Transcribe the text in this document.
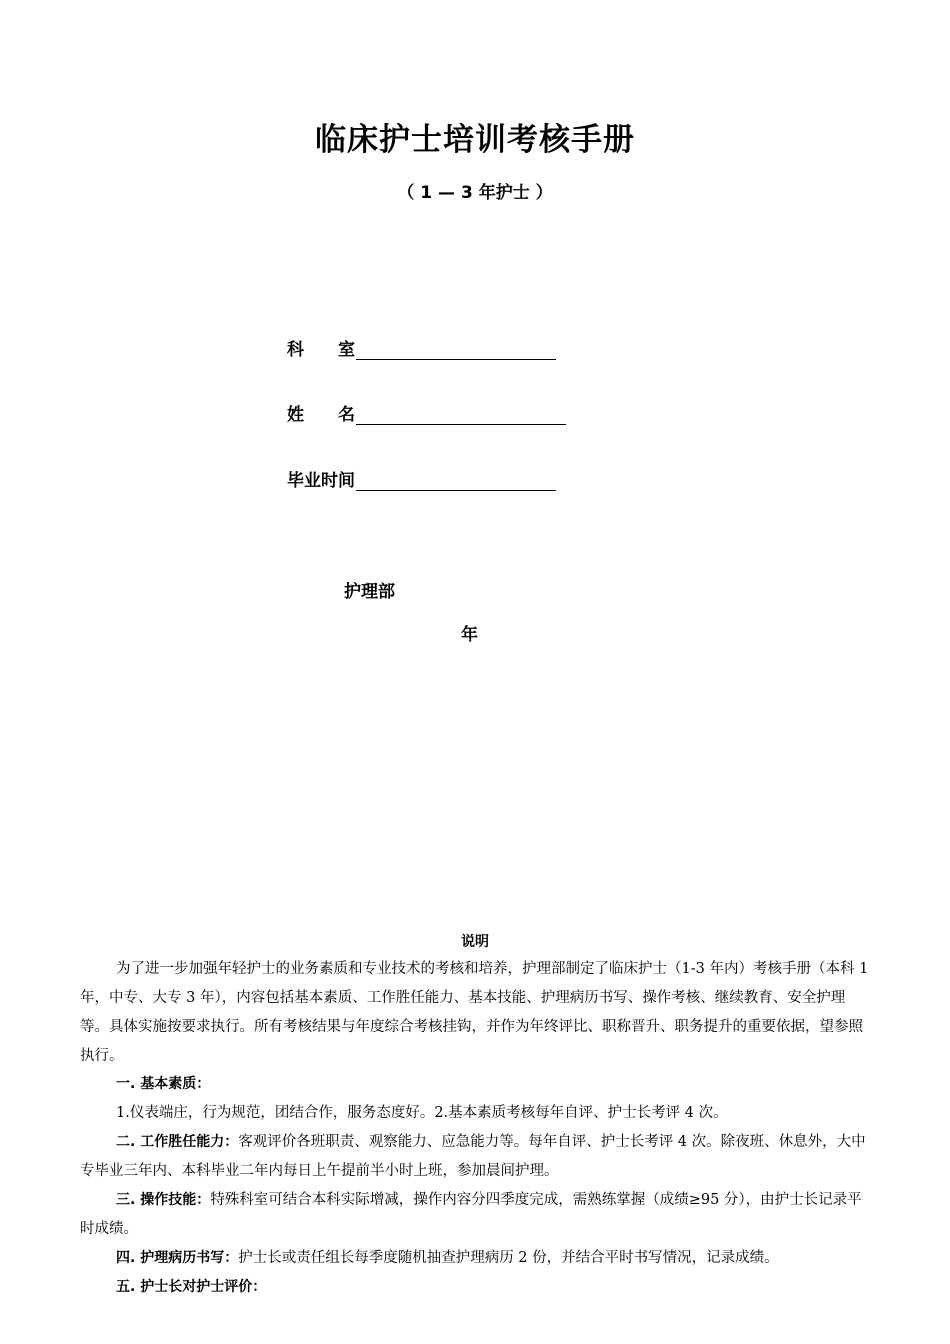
临床护士培训考核手册
（ 1 — 3 年护士 ）
科　　室
姓　　名
毕业时间
护理部
年
说明
为了进一步加强年轻护士的业务素质和专业技术的考核和培养，护理部制定了临床护士（1-3 年内）考核手册（本科 1 年，中专、大专 3 年），内容包括基本素质、工作胜任能力、基本技能、护理病历书写、操作考核、继续教育、安全护理等。具体实施按要求执行。所有考核结果与年度综合考核挂钩，并作为年终评比、职称晋升、职务提升的重要依据，望参照执行。
一. 基本素质：
1.仪表端庄，行为规范，团结合作，服务态度好。2.基本素质考核每年自评、护士长考评 4 次。
二. 工作胜任能力：客观评价各班职责、观察能力、应急能力等。每年自评、护士长考评 4 次。除夜班、休息外，大中专毕业三年内、本科毕业二年内每日上午提前半小时上班，参加晨间护理。
三. 操作技能：特殊科室可结合本科实际增减，操作内容分四季度完成，需熟练掌握（成绩≥95 分），由护士长记录平时成绩。
四. 护理病历书写：护士长或责任组长每季度随机抽查护理病历 2 份，并结合平时书写情况，记录成绩。
五. 护士长对护士评价：
